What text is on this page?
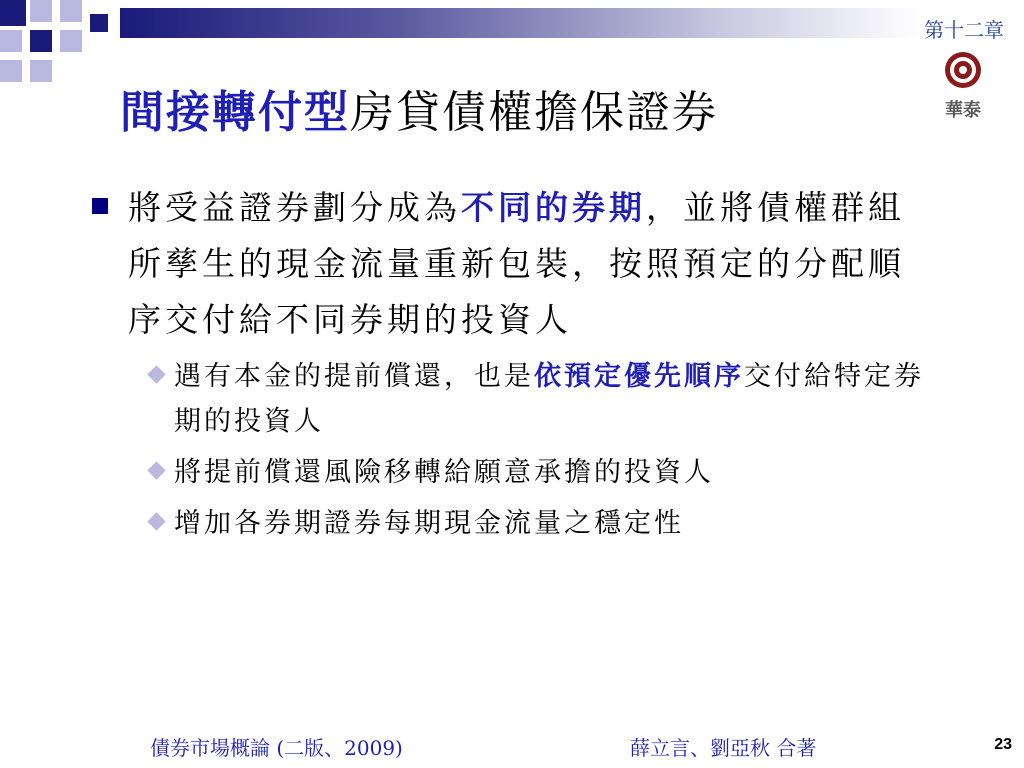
第十二章
華泰
間接轉付型房貸債權擔保證券
將受益證券劃分成為不同的券期，並將債權群組所孳生的現金流量重新包裝，按照預定的分配順序交付給不同券期的投資人
遇有本金的提前償還，也是依預定優先順序交付給特定券期的投資人
將提前償還風險移轉給願意承擔的投資人
增加各券期證券每期現金流量之穩定性
債券市場概論 (二版、2009)	薛立言、劉亞秋 合著	23
